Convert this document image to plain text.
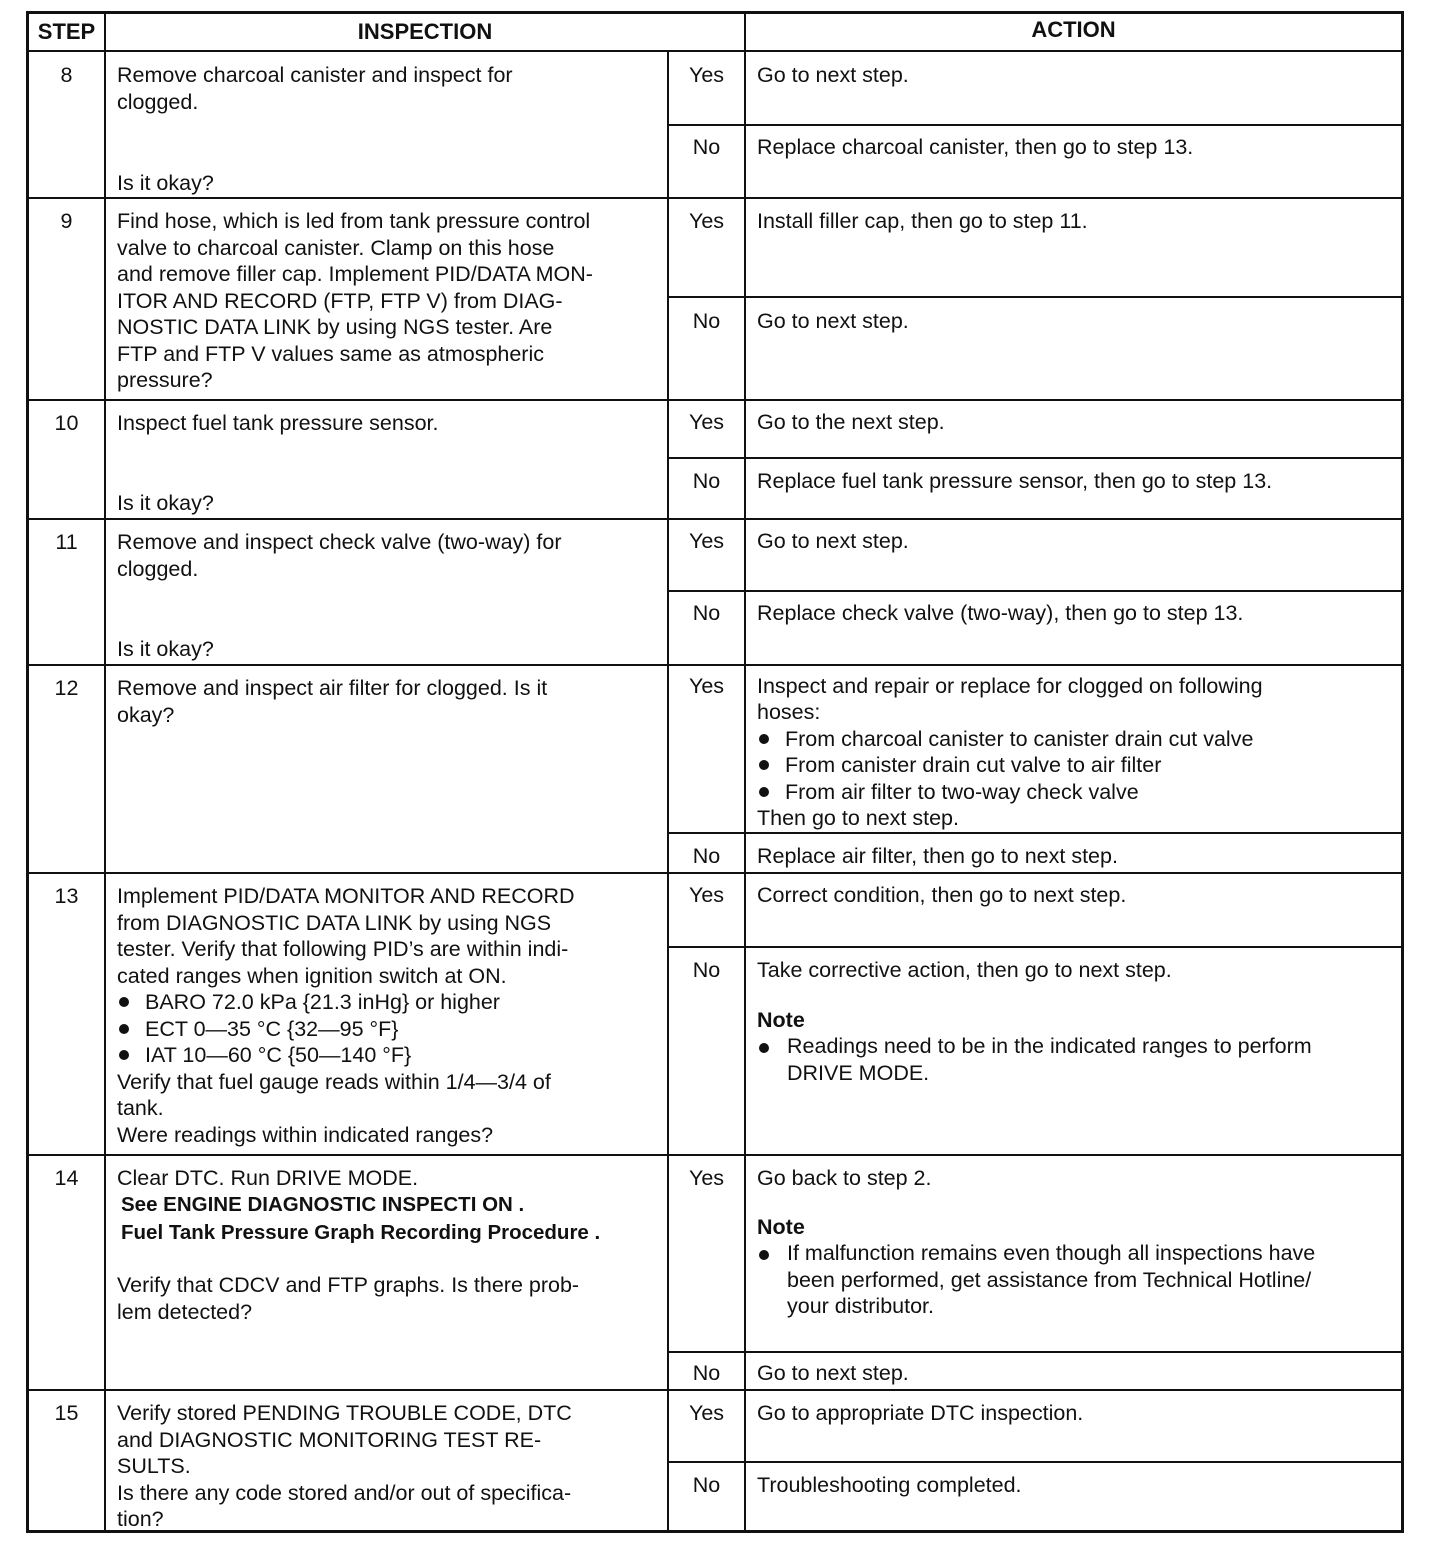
STEP	INSPECTION	ACTION
8	Remove charcoal canister and inspect for
clogged.
Is it okay?
Yes	Go to next step.
No	Replace charcoal canister, then go to step 13.
9	Find hose, which is led from tank pressure control
valve to charcoal canister. Clamp on this hose
and remove filler cap. Implement PID/DATA MON-
ITOR AND RECORD (FTP, FTP V) from DIAG-
NOSTIC DATA LINK by using NGS tester. Are
FTP and FTP V values same as atmospheric
pressure?
Yes	Install filler cap, then go to step 11.
No	Go to next step.
10	Inspect fuel tank pressure sensor.
Is it okay?
Yes	Go to the next step.
No	Replace fuel tank pressure sensor, then go to step 13.
11	Remove and inspect check valve (two-way) for
clogged.
Is it okay?
Yes	Go to next step.
No	Replace check valve (two-way), then go to step 13.
12	Remove and inspect air filter for clogged. Is it
okay?
Yes	Inspect and repair or replace for clogged on following
hoses:
From charcoal canister to canister drain cut valve
From canister drain cut valve to air filter
From air filter to two-way check valve
Then go to next step.
No	Replace air filter, then go to next step.
13	Implement PID/DATA MONITOR AND RECORD
from DIAGNOSTIC DATA LINK by using NGS
tester. Verify that following PID’s are within indi-
cated ranges when ignition switch at ON.
BARO 72.0 kPa {21.3 inHg} or higher
ECT 0—35 °C {32—95 °F}
IAT 10—60 °C {50—140 °F}
Verify that fuel gauge reads within 1/4—3/4 of
tank.
Were readings within indicated ranges?
Yes	Correct condition, then go to next step.
No	Take corrective action, then go to next step.
Note
Readings need to be in the indicated ranges to perform
DRIVE MODE.
14	Clear DTC. Run DRIVE MODE.
See ENGINE DIAGNOSTIC INSPECTI ON .
Fuel Tank Pressure Graph Recording Procedure .
Verify that CDCV and FTP graphs. Is there prob-
lem detected?
Yes	Go back to step 2.
Note
If malfunction remains even though all inspections have
been performed, get assistance from Technical Hotline/
your distributor.
No	Go to next step.
15	Verify stored PENDING TROUBLE CODE, DTC
and DIAGNOSTIC MONITORING TEST RE-
SULTS.
Is there any code stored and/or out of specifica-
tion?
Yes	Go to appropriate DTC inspection.
No	Troubleshooting completed.
